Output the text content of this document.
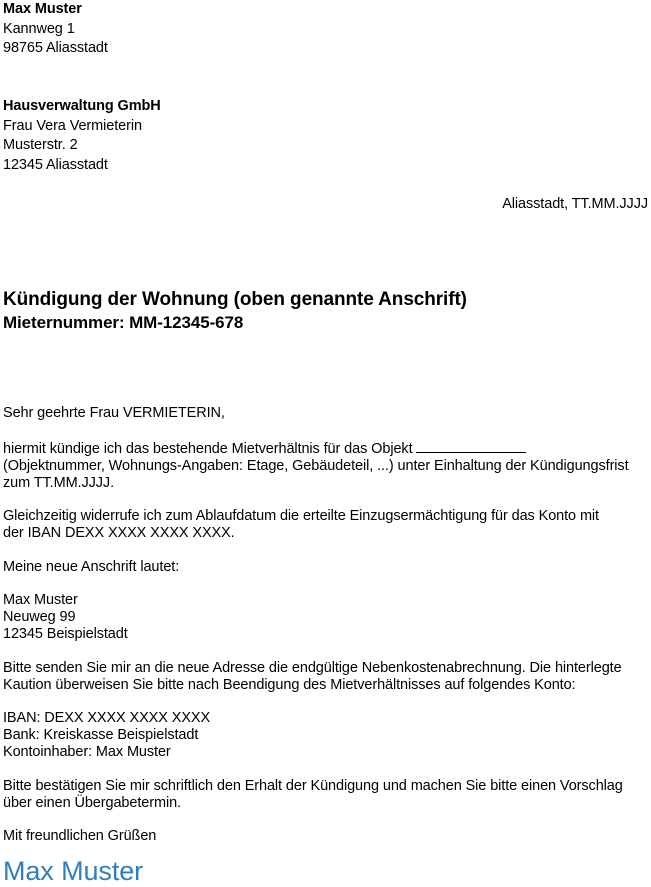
Max Muster
Kannweg 1
98765 Aliasstadt
Hausverwaltung GmbH
Frau Vera Vermieterin
Musterstr. 2
12345 Aliasstadt
Aliasstadt, TT.MM.JJJJ
Kündigung der Wohnung (oben genannte Anschrift)
Mieternummer: MM-12345-678

Sehr geehrte Frau VERMIETERIN,

hiermit kündige ich das bestehende Mietverhältnis für das Objekt
(Objektnummer, Wohnungs-Angaben: Etage, Gebäudeteil, ...) unter Einhaltung der Kündigungsfrist
zum TT.MM.JJJJ.

Gleichzeitig widerrufe ich zum Ablaufdatum die erteilte Einzugsermächtigung für das Konto mit
der IBAN DEXX XXXX XXXX XXXX.

Meine neue Anschrift lautet:

Max Muster
Neuweg 99
12345 Beispielstadt

Bitte senden Sie mir an die neue Adresse die endgültige Nebenkostenabrechnung. Die hinterlegte
Kaution überweisen Sie bitte nach Beendigung des Mietverhältnisses auf folgendes Konto:

IBAN: DEXX XXXX XXXX XXXX
Bank: Kreiskasse Beispielstadt
Kontoinhaber: Max Muster

Bitte bestätigen Sie mir schriftlich den Erhalt der Kündigung und machen Sie bitte einen Vorschlag
über einen Übergabetermin.

Mit freundlichen Grüßen

Max Muster
